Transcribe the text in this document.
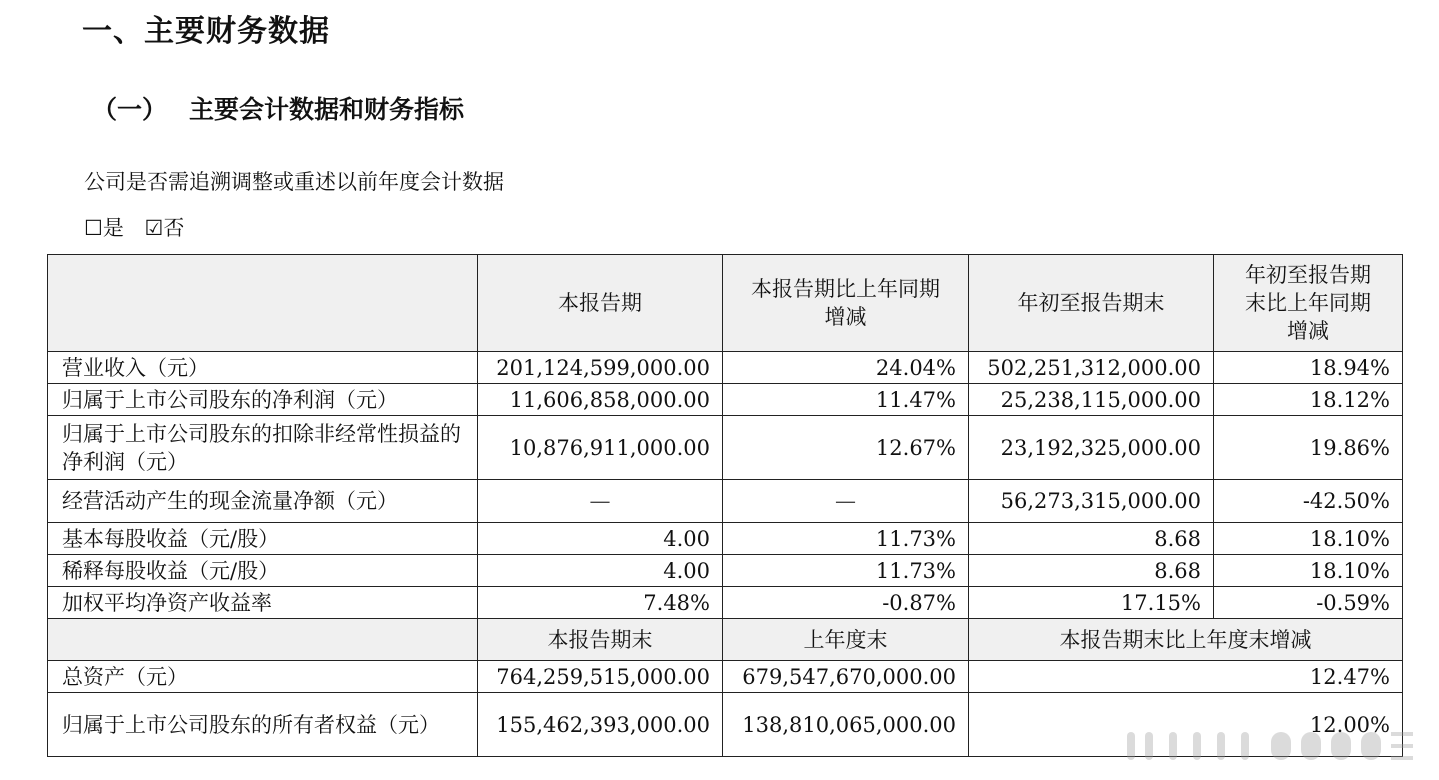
一、主要财务数据
（一） 主要会计数据和财务指标
公司是否需追溯调整或重述以前年度会计数据
☐是 ☑否
	本报告期	本报告期比上年同期增减	年初至报告期末	年初至报告期末比上年同期增减
营业收入（元）	201,124,599,000.00	24.04%	502,251,312,000.00	18.94%
归属于上市公司股东的净利润（元）	11,606,858,000.00	11.47%	25,238,115,000.00	18.12%
归属于上市公司股东的扣除非经常性损益的净利润（元）	10,876,911,000.00	12.67%	23,192,325,000.00	19.86%
经营活动产生的现金流量净额（元）	—	—	56,273,315,000.00	-42.50%
基本每股收益（元/股）	4.00	11.73%	8.68	18.10%
稀释每股收益（元/股）	4.00	11.73%	8.68	18.10%
加权平均净资产收益率	7.48%	-0.87%	17.15%	-0.59%
	本报告期末	上年度末	本报告期末比上年度末增减	
总资产（元）	764,259,515,000.00	679,547,670,000.00	12.47%	
归属于上市公司股东的所有者权益（元）	155,462,393,000.00	138,810,065,000.00	12.00%	
